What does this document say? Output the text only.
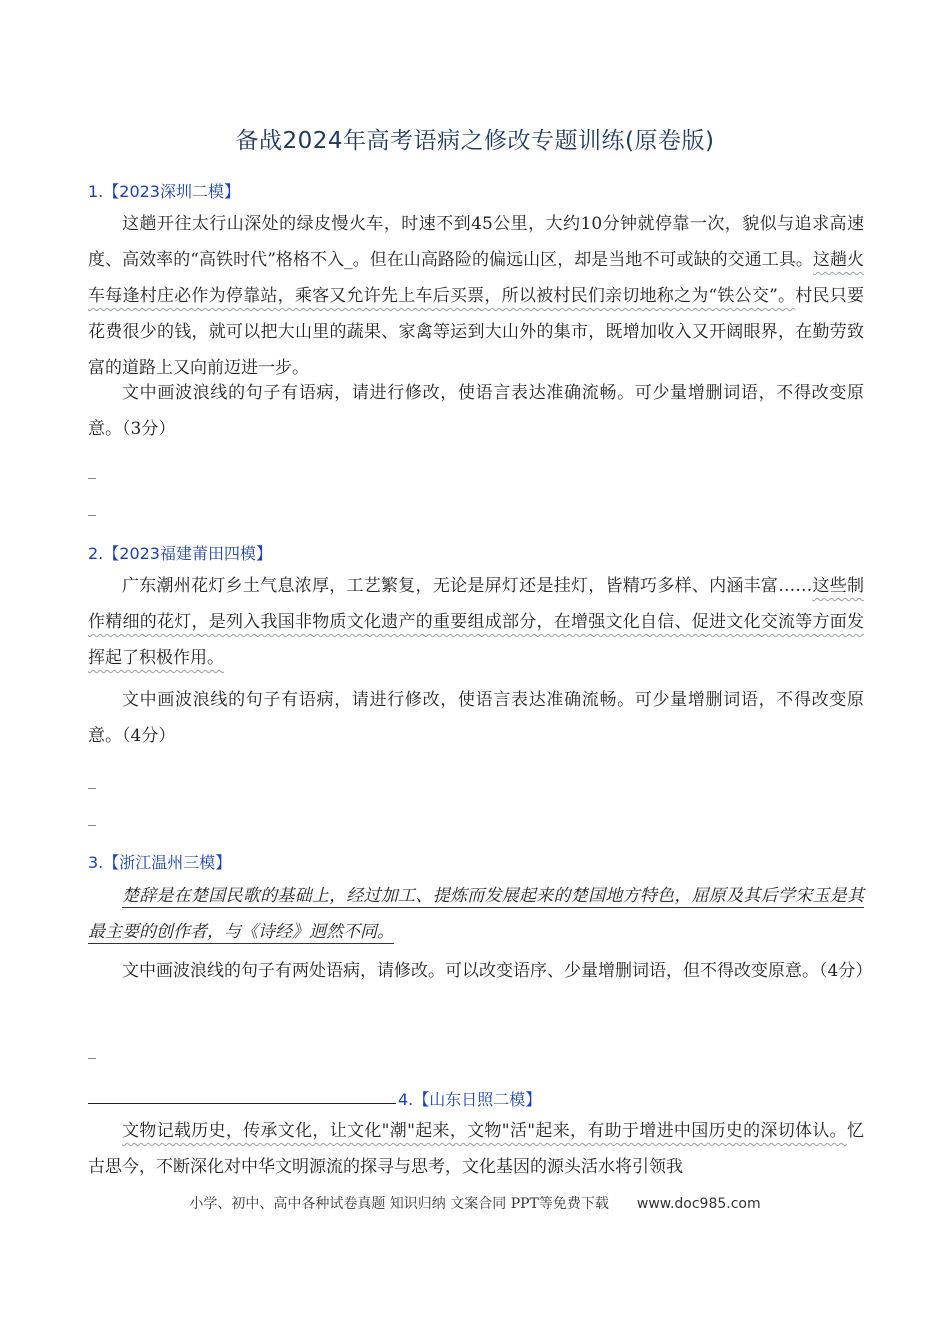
备战2024年高考语病之修改专题训练(原卷版)
1.【2023深圳二模】

这趟开往太行山深处的绿皮慢火车，时速不到45公里，大约10分钟就停靠一次，貌似与追求高速度、高效率的“高铁时代”格格不入_。但在山高路险的偏远山区，却是当地不可或缺的交通工具。这趟火车每逢村庄必作为停靠站，乘客又允许先上车后买票，所以被村民们亲切地称之为“铁公交”。村民只要花费很少的钱，就可以把大山里的蔬果、家禽等运到大山外的集市，既增加收入又开阔眼界，在勤劳致富的道路上又向前迈进一步。

文中画波浪线的句子有语病，请进行修改，使语言表达准确流畅。可少量增删词语，不得改变原意。（3分）

_
_
2.【2023福建莆田四模】

广东潮州花灯乡土气息浓厚，工艺繁复，无论是屏灯还是挂灯，皆精巧多样、内涵丰富……这些制作精细的花灯，是列入我国非物质文化遗产的重要组成部分，在增强文化自信、促进文化交流等方面发挥起了积极作用。

文中画波浪线的句子有语病，请进行修改，使语言表达准确流畅。可少量增删词语，不得改变原意。（4分）

_
_
3.【浙江温州三模】

楚辞是在楚国民歌的基础上，经过加工、提炼而发展起来的楚国地方特色，屈原及其后学宋玉是其最主要的创作者，与《诗经》迥然不同。

文中画波浪线的句子有两处语病，请修改。可以改变语序、少量增删词语，但不得改变原意。（4分）

_
4.【山东日照二模】

文物记载历史，传承文化，让文化"潮"起来，文物"活"起来，有助于增进中国历史的深切体认。忆古思今，不断深化对中华文明源流的探寻与思考，文化基因的源头活水将引领我

小学、初中、高中各种试卷真题 知识归纳 文案合同 PPT等免费下载 www.doc985.com
